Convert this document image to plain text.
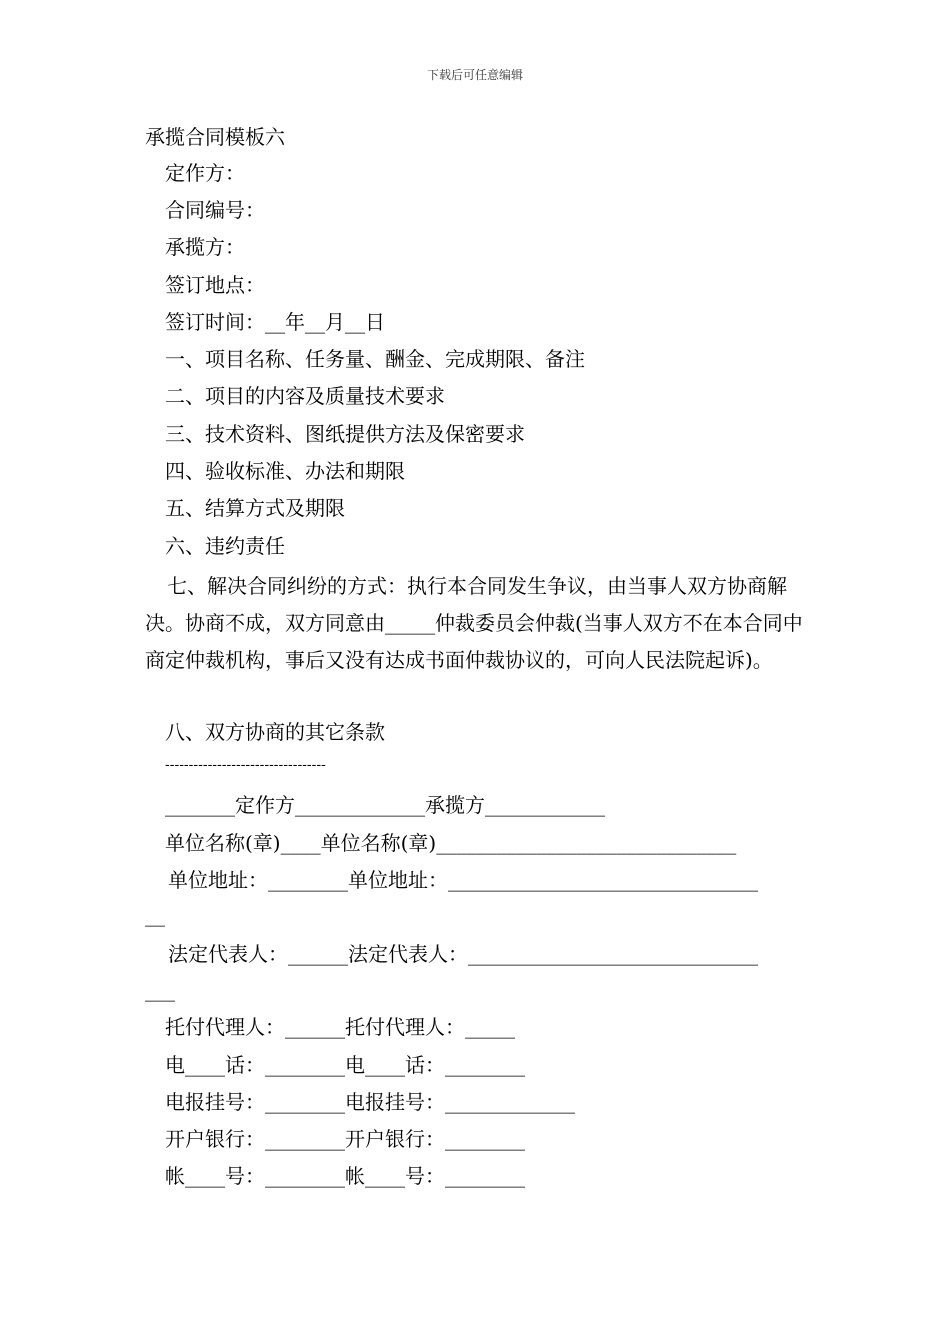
下载后可任意编辑
承揽合同模板六
定作方：
合同编号：
承揽方：
签订地点：
签订时间：__年__月__日
一、项目名称、任务量、酬金、完成期限、备注
二、项目的内容及质量技术要求
三、技术资料、图纸提供方法及保密要求
四、验收标准、办法和期限
五、结算方式及期限
六、违约责任
七、解决合同纠纷的方式：执行本合同发生争议，由当事人双方协商解决。协商不成，双方同意由_____仲裁委员会仲裁(当事人双方不在本合同中商定仲裁机构，事后又没有达成书面仲裁协议的，可向人民法院起诉)。
八、双方协商的其它条款
----------------------------------
_______定作方_____________承揽方____________
单位名称(章)____单位名称(章)______________________________
单位地址：________单位地址：_______________________________
__
法定代表人：______法定代表人：_____________________________
___
托付代理人：______托付代理人：_____
电____话：________电____话：________
电报挂号：________电报挂号：_____________
开户银行：________开户银行：________
帐____号：________帐____号：________
